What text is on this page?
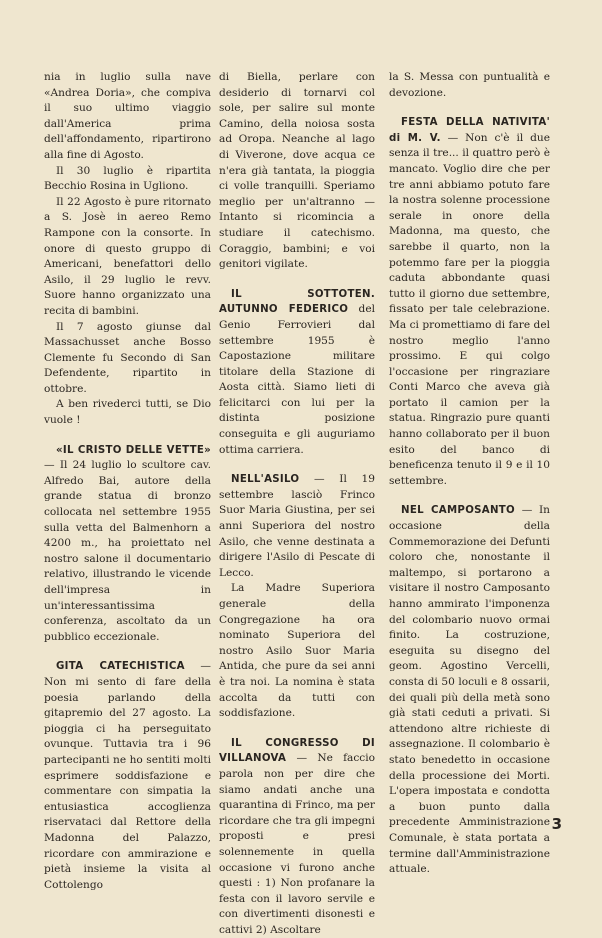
nia in luglio sulla nave «Andrea Doria», che compiva il suo ultimo viaggio dall'America prima dell'affondamento, ripartirono alla fine di Agosto.

Il 30 luglio è ripartita Becchio Rosina in Ugliono.

Il 22 Agosto è pure ritornato a S. Josè in aereo Remo Rampone con la consorte. In onore di questo gruppo di Americani, benefattori dello Asilo, il 29 luglio le revv. Suore hanno organizzato una recita di bambini.

Il 7 agosto giunse dal Massachusset anche Bosso Clemente fu Secondo di San Defendente, ripartito in ottobre.

A ben rivederci tutti, se Dio vuole !

«IL CRISTO DELLE VETTE» — Il 24 luglio lo scultore cav. Alfredo Bai, autore della grande statua di bronzo collocata nel settembre 1955 sulla vetta del Balmenhorn a 4200 m., ha proiettato nel nostro salone il documentario relativo, illustrando le vicende dell'impresa in un'interessantissima conferenza, ascoltato da un pubblico eccezionale.

GITA CATECHISTICA — Non mi sento di fare della poesia parlando della gitapremio del 27 agosto. La pioggia ci ha perseguitato ovunque. Tuttavia tra i 96 partecipanti ne ho sentiti molti esprimere soddisfazione e commentare con simpatia la entusiastica accoglienza riservataci dal Rettore della Madonna del Palazzo, ricordare con ammirazione e pietà insieme la visita al Cottolengo

di Biella, perlare con desiderio di tornarvi col sole, per salire sul monte Camino, della noiosa sosta ad Oropa. Neanche al lago di Viverone, dove acqua ce n'era già tantata, la pioggia ci volle tranquilli. Speriamo meglio per un'altranno — Intanto si ricomincia a studiare il catechismo. Coraggio, bambini; e voi genitori vigilate.

IL SOTTOTEN. AUTUNNO FEDERICO del Genio Ferrovieri dal settembre 1955 è Capostazione militare titolare della Stazione di Aosta città. Siamo lieti di felicitarci con lui per la distinta posizione conseguita e gli auguriamo ottima carriera.

NELL'ASILO — Il 19 settembre lasciò Frinco Suor Maria Giustina, per sei anni Superiora del nostro Asilo, che venne destinata a dirigere l'Asilo di Pescate di Lecco.

La Madre Superiora generale della Congregazione ha ora nominato Superiora del nostro Asilo Suor Maria Antida, che pure da sei anni è tra noi. La nomina è stata accolta da tutti con soddisfazione.

IL CONGRESSO DI VILLANOVA — Ne faccio parola non per dire che siamo andati anche una quarantina di Frinco, ma per ricordare che tra gli impegni proposti e presi solennemente in quella occasione vi furono anche questi : 1) Non profanare la festa con il lavoro servile e con divertimenti disonesti e cattivi 2) Ascoltare

la S. Messa con puntualità e devozione.

FESTA DELLA NATIVITA' di M. V. — Non c'è il due senza il tre... il quattro però è mancato. Voglio dire che per tre anni abbiamo potuto fare la nostra solenne processione serale in onore della Madonna, ma questo, che sarebbe il quarto, non la potemmo fare per la pioggia caduta abbondante quasi tutto il giorno due settembre, fissato per tale celebrazione. Ma ci promettiamo di fare del nostro meglio l'anno prossimo. E qui colgo l'occasione per ringraziare Conti Marco che aveva già portato il camion per la statua. Ringrazio pure quanti hanno collaborato per il buon esito del banco di beneficenza tenuto il 9 e il 10 settembre.

NEL CAMPOSANTO — In occasione della Commemorazione dei Defunti coloro che, nonostante il maltempo, si portarono a visitare il nostro Camposanto hanno ammirato l'imponenza del colombario nuovo ormai finito. La costruzione, eseguita su disegno del geom. Agostino Vercelli, consta di 50 loculi e 8 ossarii, dei quali più della metà sono già stati ceduti a privati. Si attendono altre richieste di assegnazione. Il colombario è stato benedetto in occasione della processione dei Morti. L'opera impostata e condotta a buon punto dalla precedente Amministrazione Comunale, è stata portata a termine dall'Amministrazione attuale.

3
